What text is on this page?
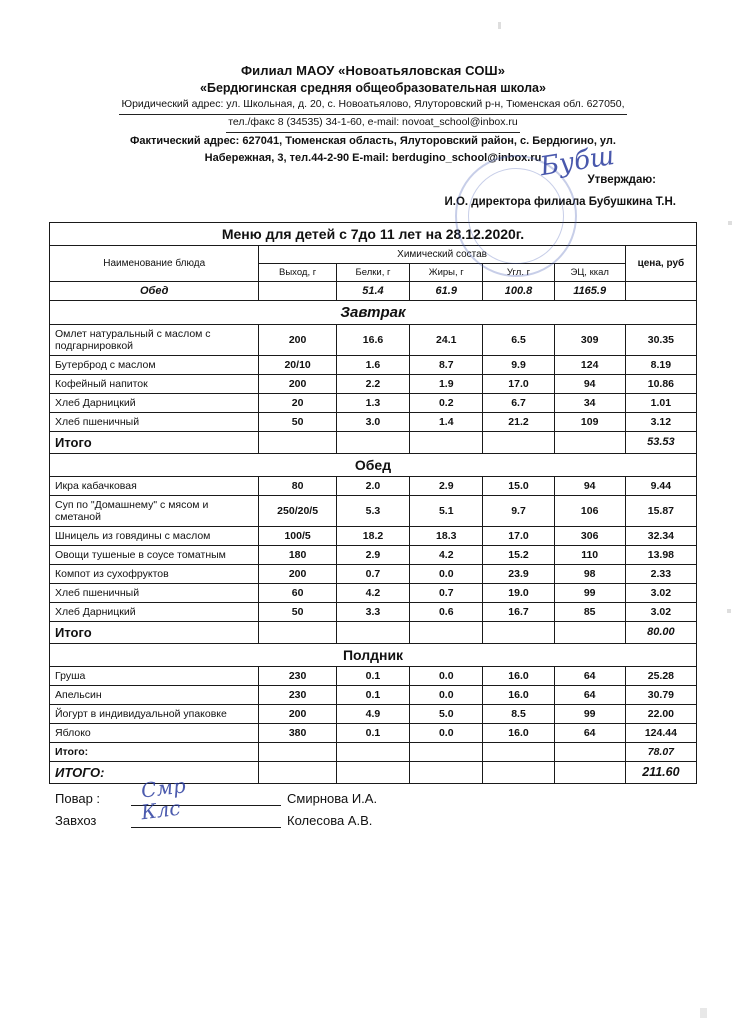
Филиал МАОУ «Новоатьяловская СОШ»
«Бердюгинская средняя общеобразовательная школа»
Юридический адрес: ул. Школьная, д. 20, с. Новоатьялово, Ялуторовский р-н, Тюменская обл. 627050,
тел./факс 8 (34535) 34-1-60, e-mail: novoat_school@inbox.ru
Фактический адрес: 627041, Тюменская область, Ялуторовский район, с. Бердюгино, ул.
Набережная, 3, тел.44-2-90 E-mail: berdugino_school@inbox.ru
Утверждаю:
И.О. директора филиала Бубушкина Т.Н.
Бубш
Меню для детей с 7до 11 лет на 28.12.2020г.						
Наименование блюда	Химический состав					цена, руб
	Выход, г	Белки, г	Жиры, г	Угл. г	ЭЦ, ккал	
Обед		51.4	61.9	100.8	1165.9	
Завтрак						
Омлет натуральный с маслом с подгарнировкой	200	16.6	24.1	6.5	309	30.35
Бутерброд с маслом	20/10	1.6	8.7	9.9	124	8.19
Кофейный напиток	200	2.2	1.9	17.0	94	10.86
Хлеб Дарницкий	20	1.3	0.2	6.7	34	1.01
Хлеб пшеничный	50	3.0	1.4	21.2	109	3.12
Итого						53.53
Обед						
Икра кабачковая	80	2.0	2.9	15.0	94	9.44
Суп по "Домашнему" с мясом и сметаной	250/20/5	5.3	5.1	9.7	106	15.87
Шницель из говядины с маслом	100/5	18.2	18.3	17.0	306	32.34
Овощи тушеные в соусе томатным	180	2.9	4.2	15.2	110	13.98
Компот из сухофруктов	200	0.7	0.0	23.9	98	2.33
Хлеб пшеничный	60	4.2	0.7	19.0	99	3.02
Хлеб Дарницкий	50	3.3	0.6	16.7	85	3.02
Итого						80.00
Полдник						
Груша	230	0.1	0.0	16.0	64	25.28
Апельсин	230	0.1	0.0	16.0	64	30.79
Йогурт в индивидуальной упаковке	200	4.9	5.0	8.5	99	22.00
Яблоко	380	0.1	0.0	16.0	64	124.44
Итого:						78.07
ИТОГО:						211.60
Повар :	Смр	Смирнова И.А.
Завхоз	Клс	Колесова А.В.
